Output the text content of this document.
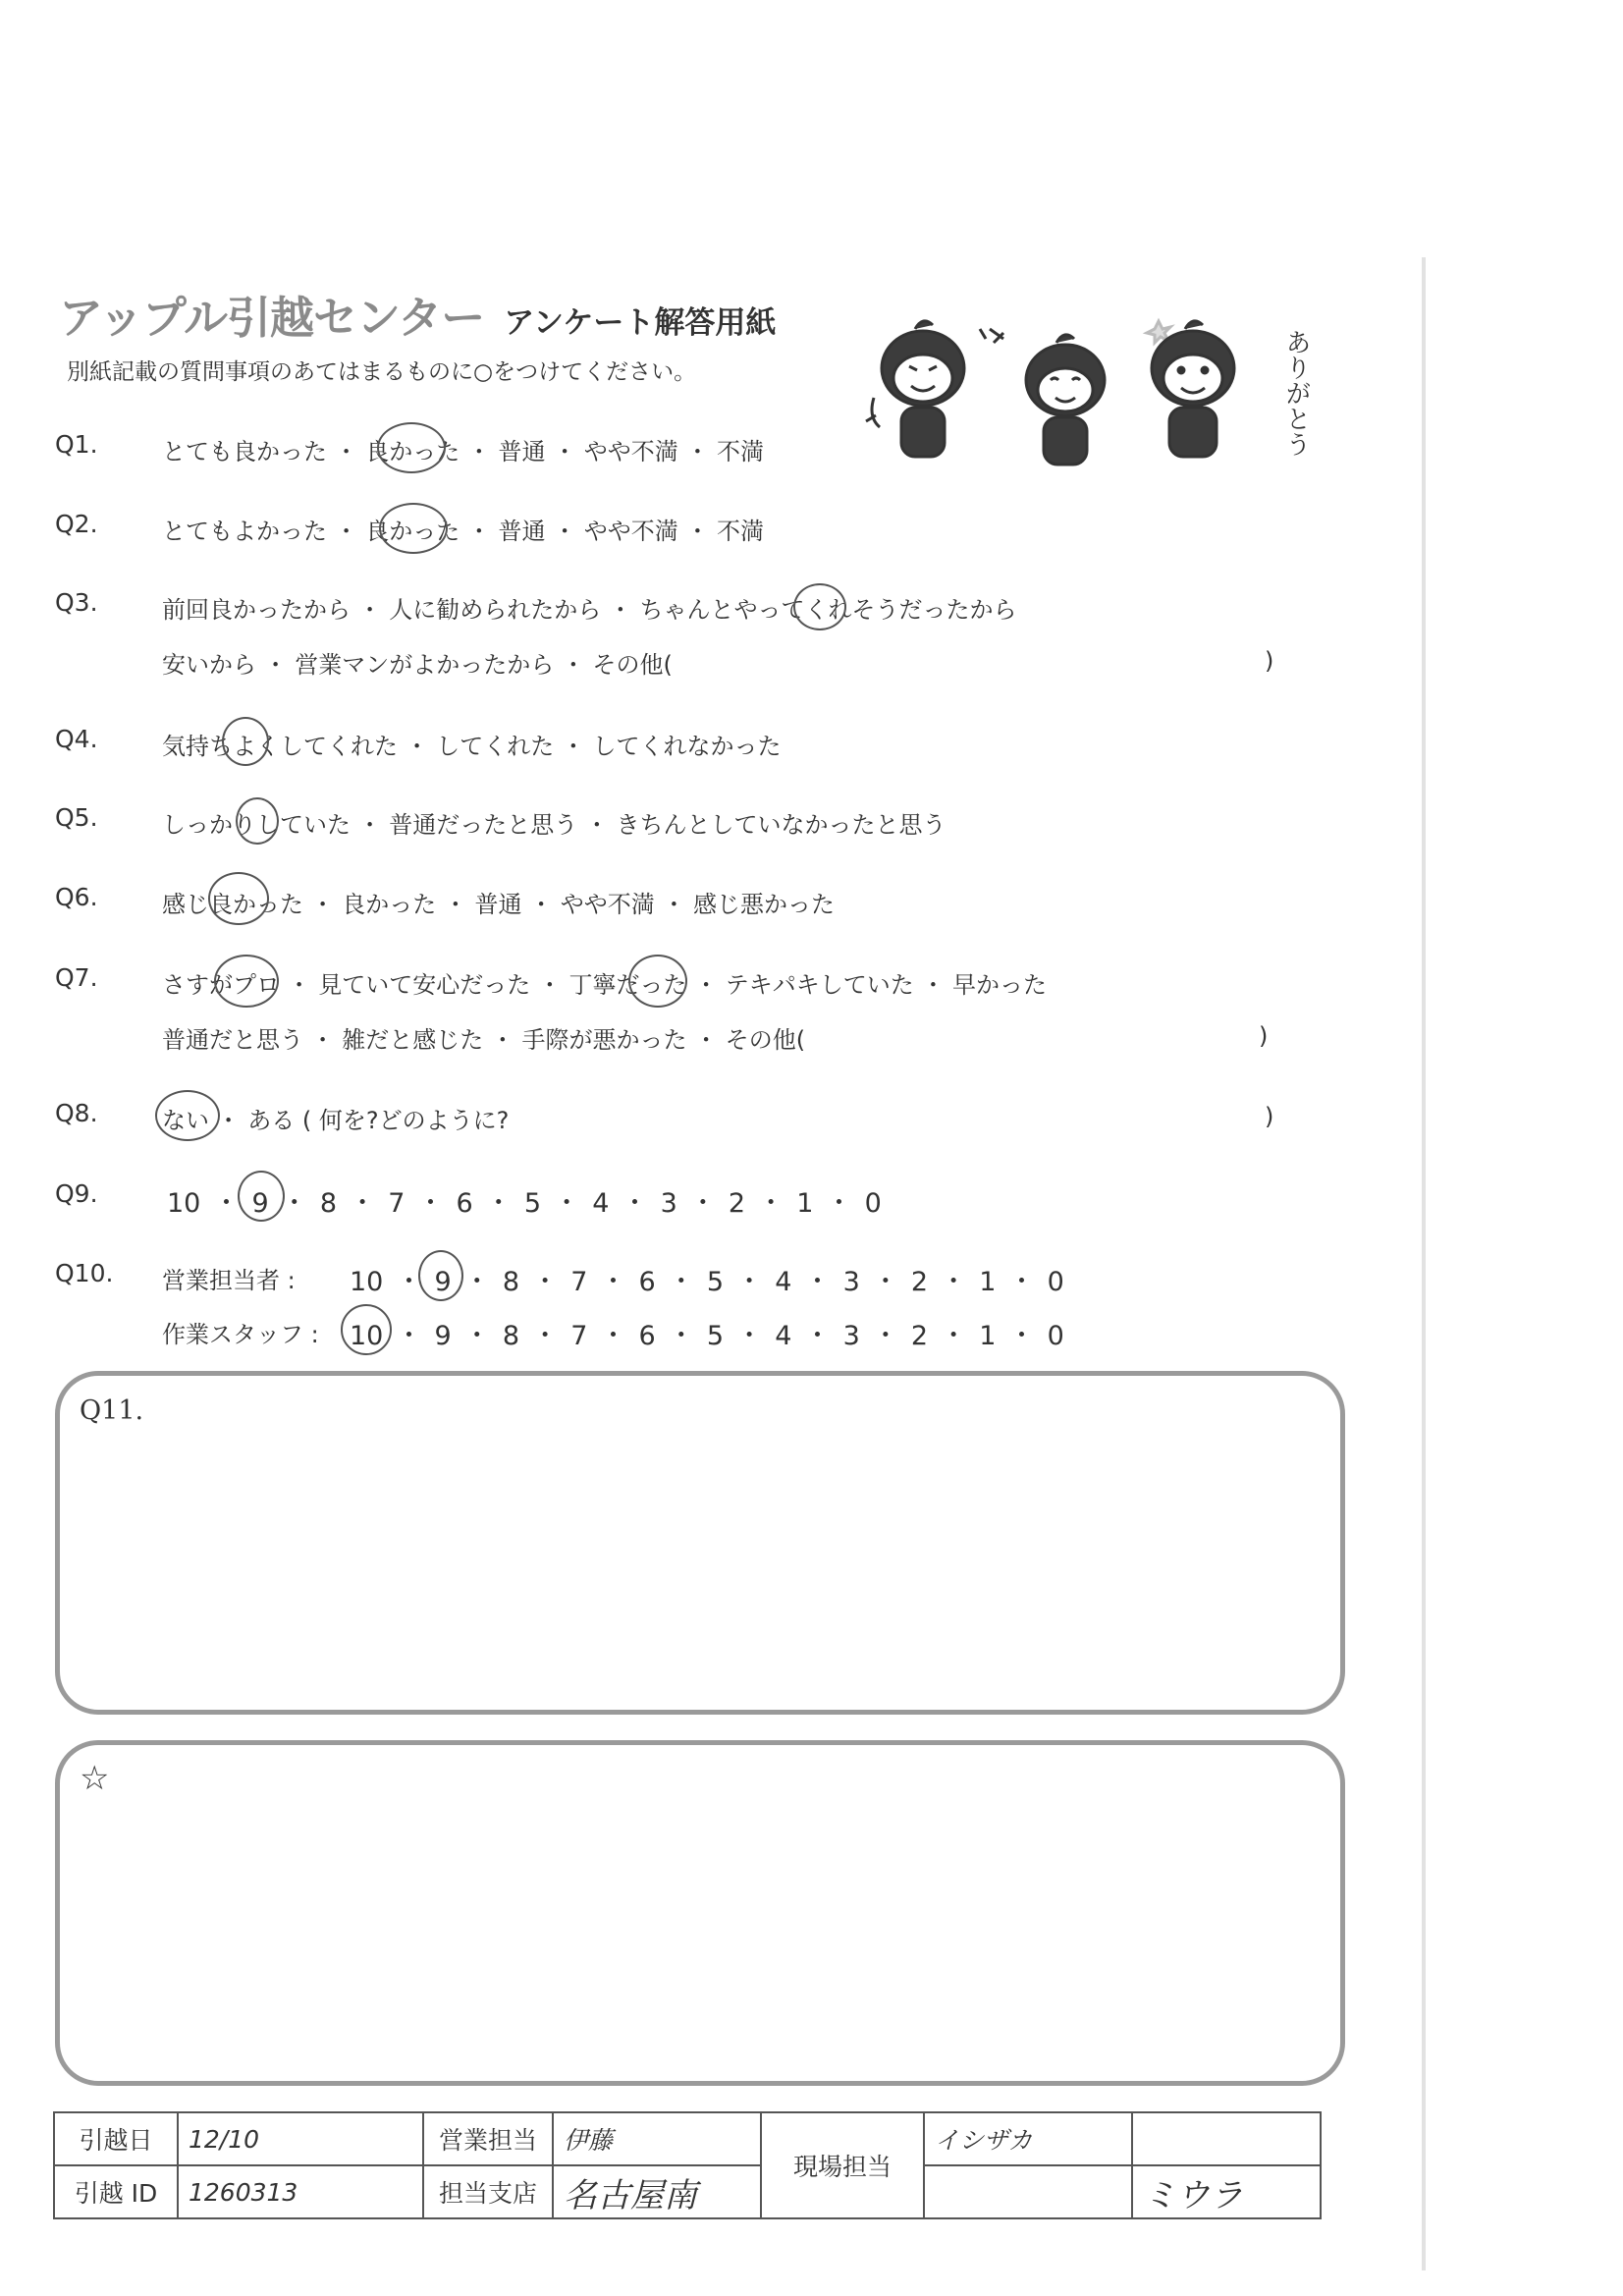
アップル引越センター アンケート解答用紙
別紙記載の質問事項のあてはまるものに○をつけてください。	ありがとう
Q1.	とても良かった ・ 良かった ・ 普通 ・ やや不満 ・ 不満
Q2.	とてもよかった ・ 良かった ・ 普通 ・ やや不満 ・ 不満
Q3.	前回良かったから ・ 人に勧められたから ・ ちゃんとやってくれそうだったから
安いから ・ 営業マンがよかったから ・ その他(	)
Q4.	気持ちよくしてくれた ・ してくれた ・ してくれなかった
Q5.	しっかりしていた ・ 普通だったと思う ・ きちんとしていなかったと思う
Q6.	感じ良かった ・ 良かった ・ 普通 ・ やや不満 ・ 感じ悪かった
Q7.	さすがプロ ・ 見ていて安心だった ・ 丁寧だった ・ テキパキしていた ・ 早かった
普通だと思う ・ 雑だと感じた ・ 手際が悪かった ・ その他(	)
Q8.	ない ・ ある ( 何を?どのように?	)
Q9.	10 ・ 9 ・ 8 ・ 7 ・ 6 ・ 5 ・ 4 ・ 3 ・ 2 ・ 1 ・ 0
Q10. 営業担当者 : 10 ・ 9 ・ 8 ・ 7 ・ 6 ・ 5 ・ 4 ・ 3 ・ 2 ・ 1 ・ 0
作業スタッフ : 10 ・ 9 ・ 8 ・ 7 ・ 6 ・ 5 ・ 4 ・ 3 ・ 2 ・ 1 ・ 0
Q11.
☆
引越日	12/10	営業担当	伊藤	現場担当	イシザカ	
引越 ID	1260313	担当支店	名古屋南			ミウラ
